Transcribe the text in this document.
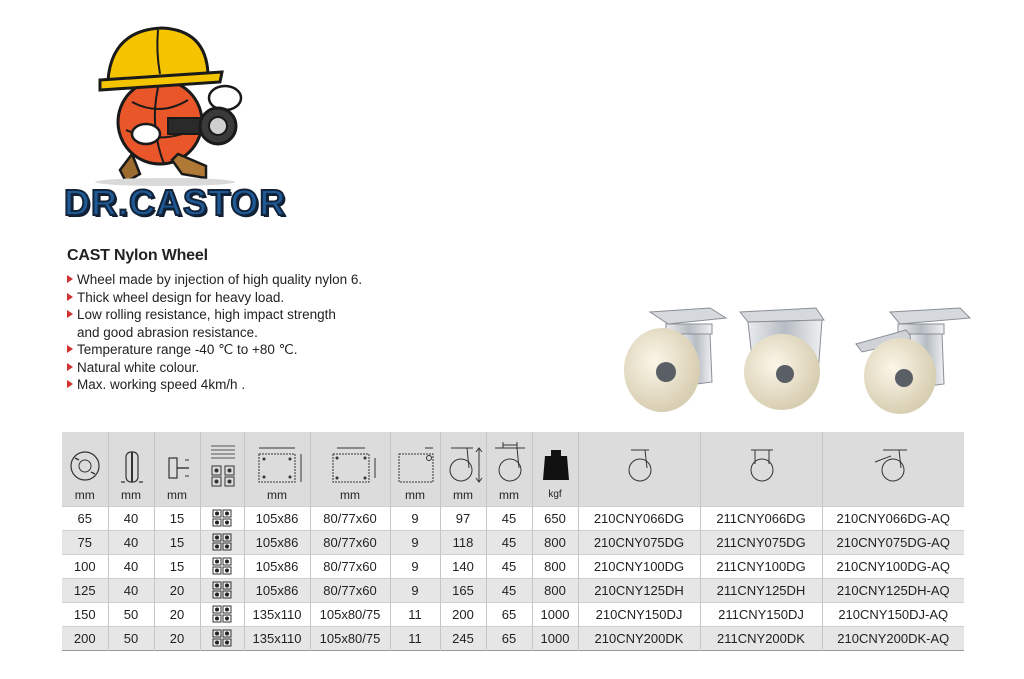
DR.CASTOR
CAST Nylon Wheel
Wheel made by injection of high quality nylon 6.
Thick wheel design for heavy load.
Low rolling resistance, high impact strength
and good abrasion resistance.
Temperature range -40 ℃ to +80 ℃.
Natural white colour.
Max. working speed 4km/h .
mm	mm	mm		mm	mm	mm	mm	mm	kgf

65	40	15		105x86	80/77x60	9	97	45	650	210CNY066DG	211CNY066DG	210CNY066DG-AQ
75	40	15		105x86	80/77x60	9	118	45	800	210CNY075DG	211CNY075DG	210CNY075DG-AQ
100	40	15		105x86	80/77x60	9	140	45	800	210CNY100DG	211CNY100DG	210CNY100DG-AQ
125	40	20		105x86	80/77x60	9	165	45	800	210CNY125DH	211CNY125DH	210CNY125DH-AQ
150	50	20		135x110	105x80/75	11	200	65	1000	210CNY150DJ	211CNY150DJ	210CNY150DJ-AQ
200	50	20		135x110	105x80/75	11	245	65	1000	210CNY200DK	211CNY200DK	210CNY200DK-AQ
